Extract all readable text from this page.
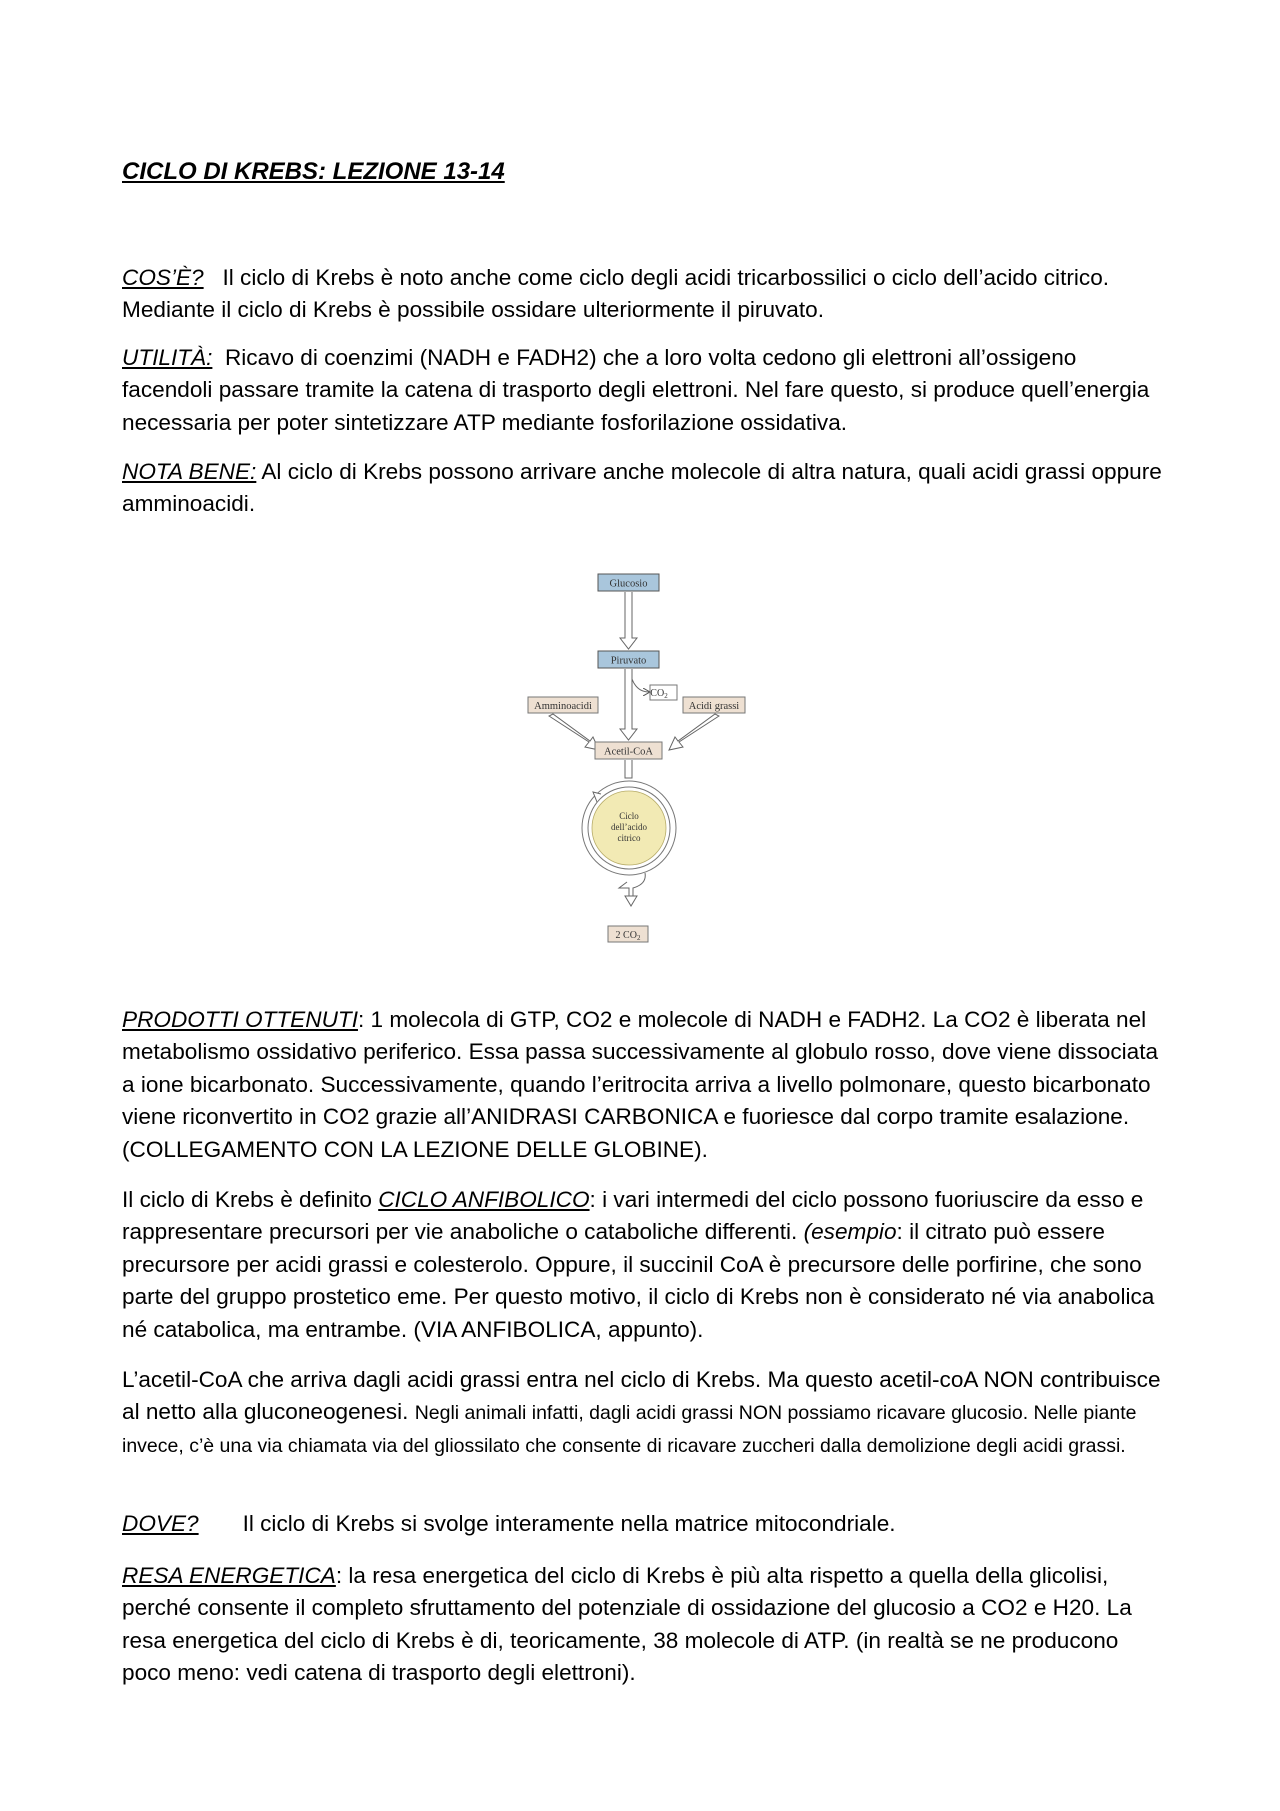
CICLO DI KREBS: LEZIONE 13-14

COS’È? Il ciclo di Krebs è noto anche come ciclo degli acidi tricarbossilici o ciclo dell’acido citrico. Mediante il ciclo di Krebs è possibile ossidare ulteriormente il piruvato.

UTILITÀ: Ricavo di coenzimi (NADH e FADH2) che a loro volta cedono gli elettroni all’ossigeno facendoli passare tramite la catena di trasporto degli elettroni. Nel fare questo, si produce quell’energia necessaria per poter sintetizzare ATP mediante fosforilazione ossidativa.

NOTA BENE: Al ciclo di Krebs possono arrivare anche molecole di altra natura, quali acidi grassi oppure amminoacidi.

PRODOTTI OTTENUTI: 1 molecola di GTP, CO2 e molecole di NADH e FADH2. La CO2 è liberata nel metabolismo ossidativo periferico. Essa passa successivamente al globulo rosso, dove viene dissociata a ione bicarbonato. Successivamente, quando l’eritrocita arriva a livello polmonare, questo bicarbonato viene riconvertito in CO2 grazie all’ANIDRASI CARBONICA e fuoriesce dal corpo tramite esalazione. (COLLEGAMENTO CON LA LEZIONE DELLE GLOBINE).

Il ciclo di Krebs è definito CICLO ANFIBOLICO: i vari intermedi del ciclo possono fuoriuscire da esso e rappresentare precursori per vie anaboliche o cataboliche differenti. (esempio: il citrato può essere precursore per acidi grassi e colesterolo. Oppure, il succinil CoA è precursore delle porfirine, che sono parte del gruppo prostetico eme. Per questo motivo, il ciclo di Krebs non è considerato né via anabolica né catabolica, ma entrambe. (VIA ANFIBOLICA, appunto).

L’acetil-CoA che arriva dagli acidi grassi entra nel ciclo di Krebs. Ma questo acetil-coA NON contribuisce al netto alla gluconeogenesi. Negli animali infatti, dagli acidi grassi NON possiamo ricavare glucosio. Nelle piante invece, c’è una via chiamata via del gliossilato che consente di ricavare zuccheri dalla demolizione degli acidi grassi.

DOVE? Il ciclo di Krebs si svolge interamente nella matrice mitocondriale.

RESA ENERGETICA: la resa energetica del ciclo di Krebs è più alta rispetto a quella della glicolisi, perché consente il completo sfruttamento del potenziale di ossidazione del glucosio a CO2 e H20. La resa energetica del ciclo di Krebs è di, teoricamente, 38 molecole di ATP. (in realtà se ne producono poco meno: vedi catena di trasporto degli elettroni).

Glucosio
Piruvato
$CO_2$
Amminoacidi	Acidi grassi
Acetil-CoA
Ciclo
dell’acido
citrico
2 $CO_2$
